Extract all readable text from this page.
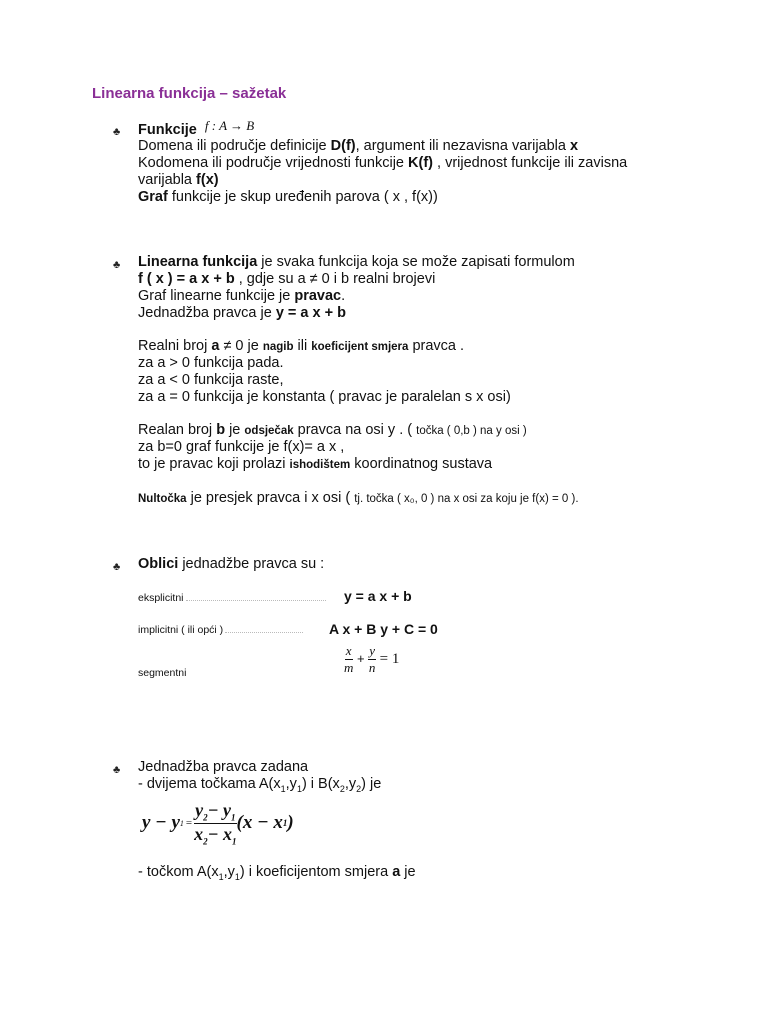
Linearna funkcija – sažetak
♣ Funkcije f : A → B
Domena ili područje definicije D(f), argument ili nezavisna varijabla x
Kodomena ili područje vrijednosti funkcije K(f) , vrijednost funkcije ili zavisna
varijabla f(x)
Graf funkcije je skup uređenih parova ( x , f(x))
♣ Linearna funkcija je svaka funkcija koja se može zapisati formulom
f ( x ) = a x + b , gdje su a ≠ 0 i b realni brojevi
Graf linearne funkcije je pravac.
Jednadžba pravca je y = a x + b
Realni broj a ≠ 0 je nagib ili koeficijent smjera pravca .
za a > 0 funkcija pada.
za a < 0 funkcija raste,
za a = 0 funkcija je konstanta ( pravac je paralelan s x osi)
Realan broj b je odsječak pravca na osi y . ( točka ( 0,b ) na y osi )
za b=0 graf funkcije je f(x)= a x ,
to je pravac koji prolazi ishodištem koordinatnog sustava
Nultočka je presjek pravca i x osi ( tj. točka ( x₀, 0 ) na x osi za koju je f(x) = 0 ).
♣ Oblici jednadžbe pravca su :
eksplicitni	y = a x + b
implicitni ( ili opći )	A x + B y + C = 0
segmentni	$\frac{x}{m} + \frac{y}{n} = 1$
♣ Jednadžba pravca zadana
- dvijema točkama $A(x_1,y_1)$ i $B(x_2,y_2)$ je
y − y $1 = \frac{y_2- y_1}{x_2- x_1} (x - x$ 1 )
- točkom $A(x_1,y_1)$ i koeficijentom smjera a je
